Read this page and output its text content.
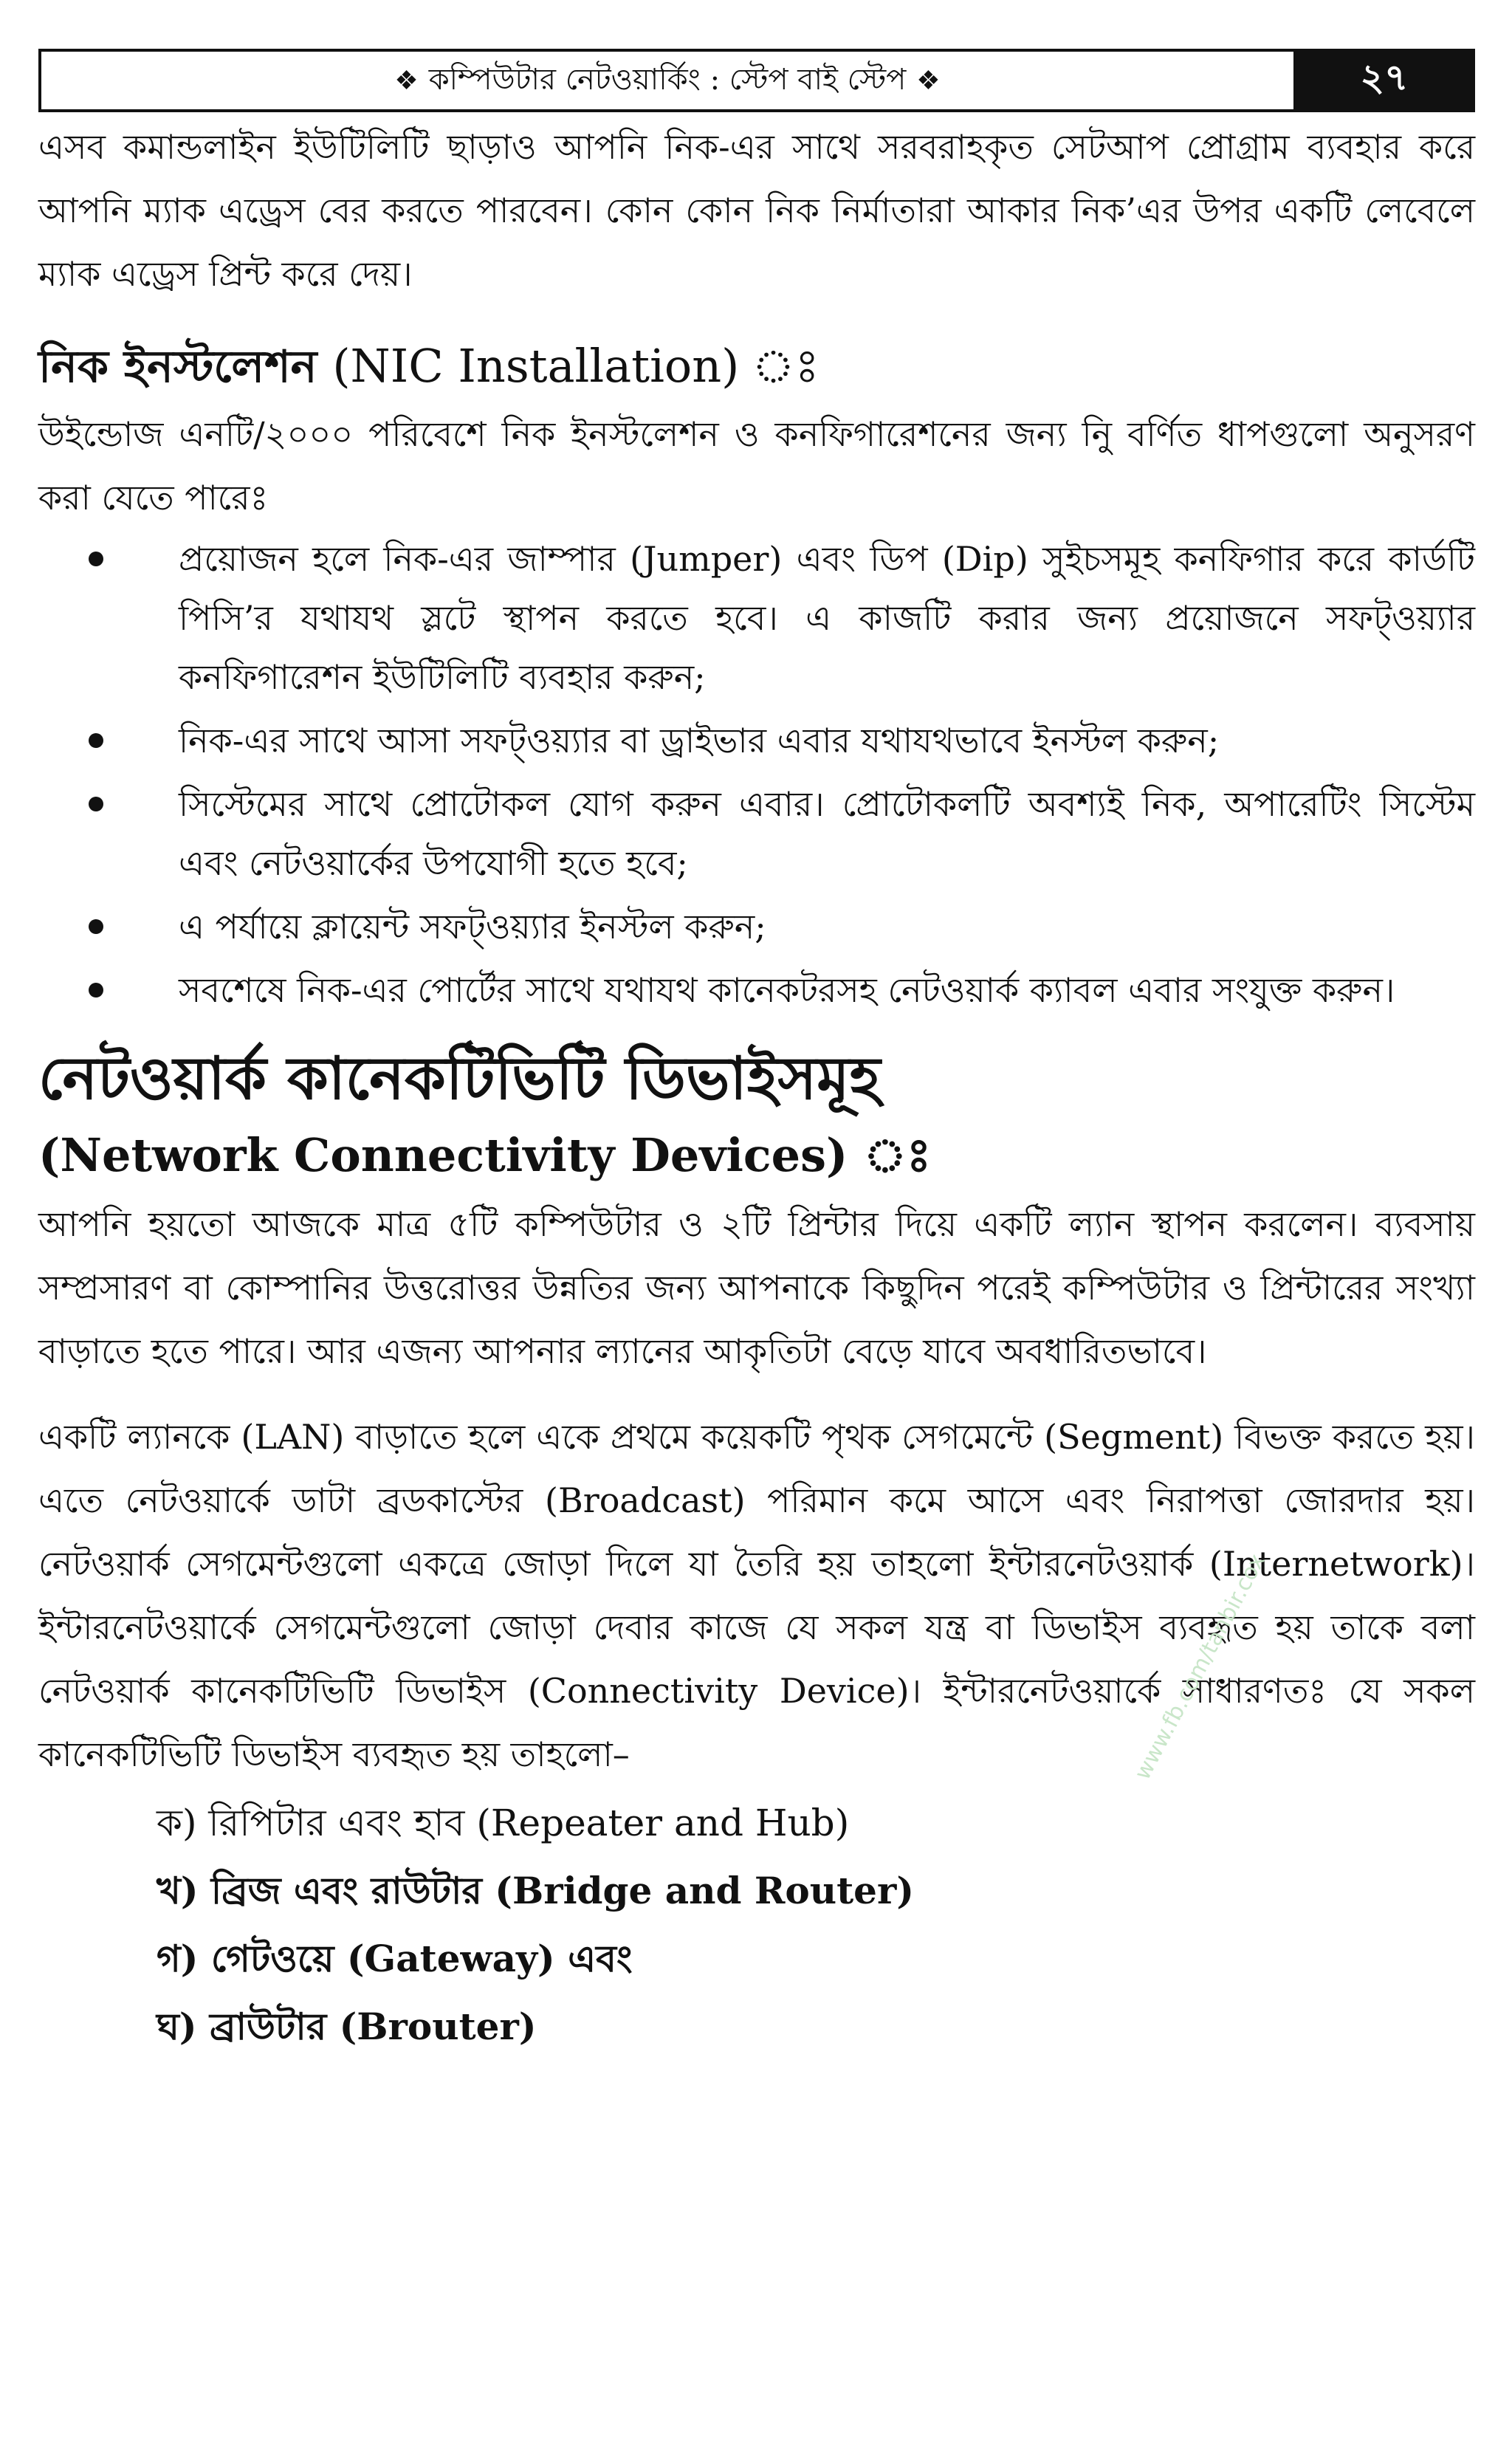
❖ কম্পিউটার নেটওয়ার্কিং : স্টেপ বাই স্টেপ ❖	২৭

এসব কমান্ডলাইন ইউটিলিটি ছাড়াও আপনি নিক-এর সাথে সরবরাহকৃত সেটআপ প্রোগ্রাম ব্যবহার করে আপনি ম্যাক এড্রেস বের করতে পারবেন। কোন কোন নিক নির্মাতারা আকার নিক’এর উপর একটি লেবেলে ম্যাক এড্রেস প্রিন্ট করে দেয়।

নিক ইনস্টলেশন (NIC Installation) ঃ

উইন্ডোজ এনটি/২০০০ পরিবেশে নিক ইনস্টলেশন ও কনফিগারেশনের জন্য নিু বর্ণিত ধাপগুলো অনুসরণ করা যেতে পারেঃ

প্রয়োজন হলে নিক-এর জাম্পার (Jumper) এবং ডিপ (Dip) সুইচসমূহ কনফিগার করে কার্ডটি পিসি’র যথাযথ স্লটে স্থাপন করতে হবে। এ কাজটি করার জন্য প্রয়োজনে সফট্ওয়্যার কনফিগারেশন ইউটিলিটি ব্যবহার করুন;
নিক-এর সাথে আসা সফট্ওয়্যার বা ড্রাইভার এবার যথাযথভাবে ইনস্টল করুন;
সিস্টেমের সাথে প্রোটোকল যোগ করুন এবার। প্রোটোকলটি অবশ্যই নিক, অপারেটিং সিস্টেম এবং নেটওয়ার্কের উপযোগী হতে হবে;
এ পর্যায়ে ক্লায়েন্ট সফট্ওয়্যার ইনস্টল করুন;
সবশেষে নিক-এর পোর্টের সাথে যথাযথ কানেকটরসহ নেটওয়ার্ক ক্যাবল এবার সংযুক্ত করুন।
নেটওয়ার্ক কানেকটিভিটি ডিভাইসমূহ
(Network Connectivity Devices) ঃ

আপনি হয়তো আজকে মাত্র ৫টি কম্পিউটার ও ২টি প্রিন্টার দিয়ে একটি ল্যান স্থাপন করলেন। ব্যবসায় সম্প্রসারণ বা কোম্পানির উত্তরোত্তর উন্নতির জন্য আপনাকে কিছুদিন পরেই কম্পিউটার ও প্রিন্টারের সংখ্যা বাড়াতে হতে পারে। আর এজন্য আপনার ল্যানের আকৃতিটা বেড়ে যাবে অবধারিতভাবে।

একটি ল্যানকে (LAN) বাড়াতে হলে একে প্রথমে কয়েকটি পৃথক সেগমেন্টে (Segment) বিভক্ত করতে হয়। এতে নেটওয়ার্কে ডাটা ব্রডকাস্টের (Broadcast) পরিমান কমে আসে এবং নিরাপত্তা জোরদার হয়। নেটওয়ার্ক সেগমেন্টগুলো একত্রে জোড়া দিলে যা তৈরি হয় তাহলো ইন্টারনেটওয়ার্ক (Internetwork)। ইন্টারনেটওয়ার্কে সেগমেন্টগুলো জোড়া দেবার কাজে যে সকল যন্ত্র বা ডিভাইস ব্যবহৃত হয় তাকে বলা নেটওয়ার্ক কানেকটিভিটি ডিভাইস (Connectivity Device)। ইন্টারনেটওয়ার্কে সাধারণতঃ যে সকল কানেকটিভিটি ডিভাইস ব্যবহৃত হয় তাহলো–

ক) রিপিটার এবং হাব (Repeater and Hub)
খ) ব্রিজ এবং রাউটার (Bridge and Router)
গ) গেটওয়ে (Gateway) এবং
ঘ) ব্রাউটার (Brouter)
www.fb.com/tanbir.cox
